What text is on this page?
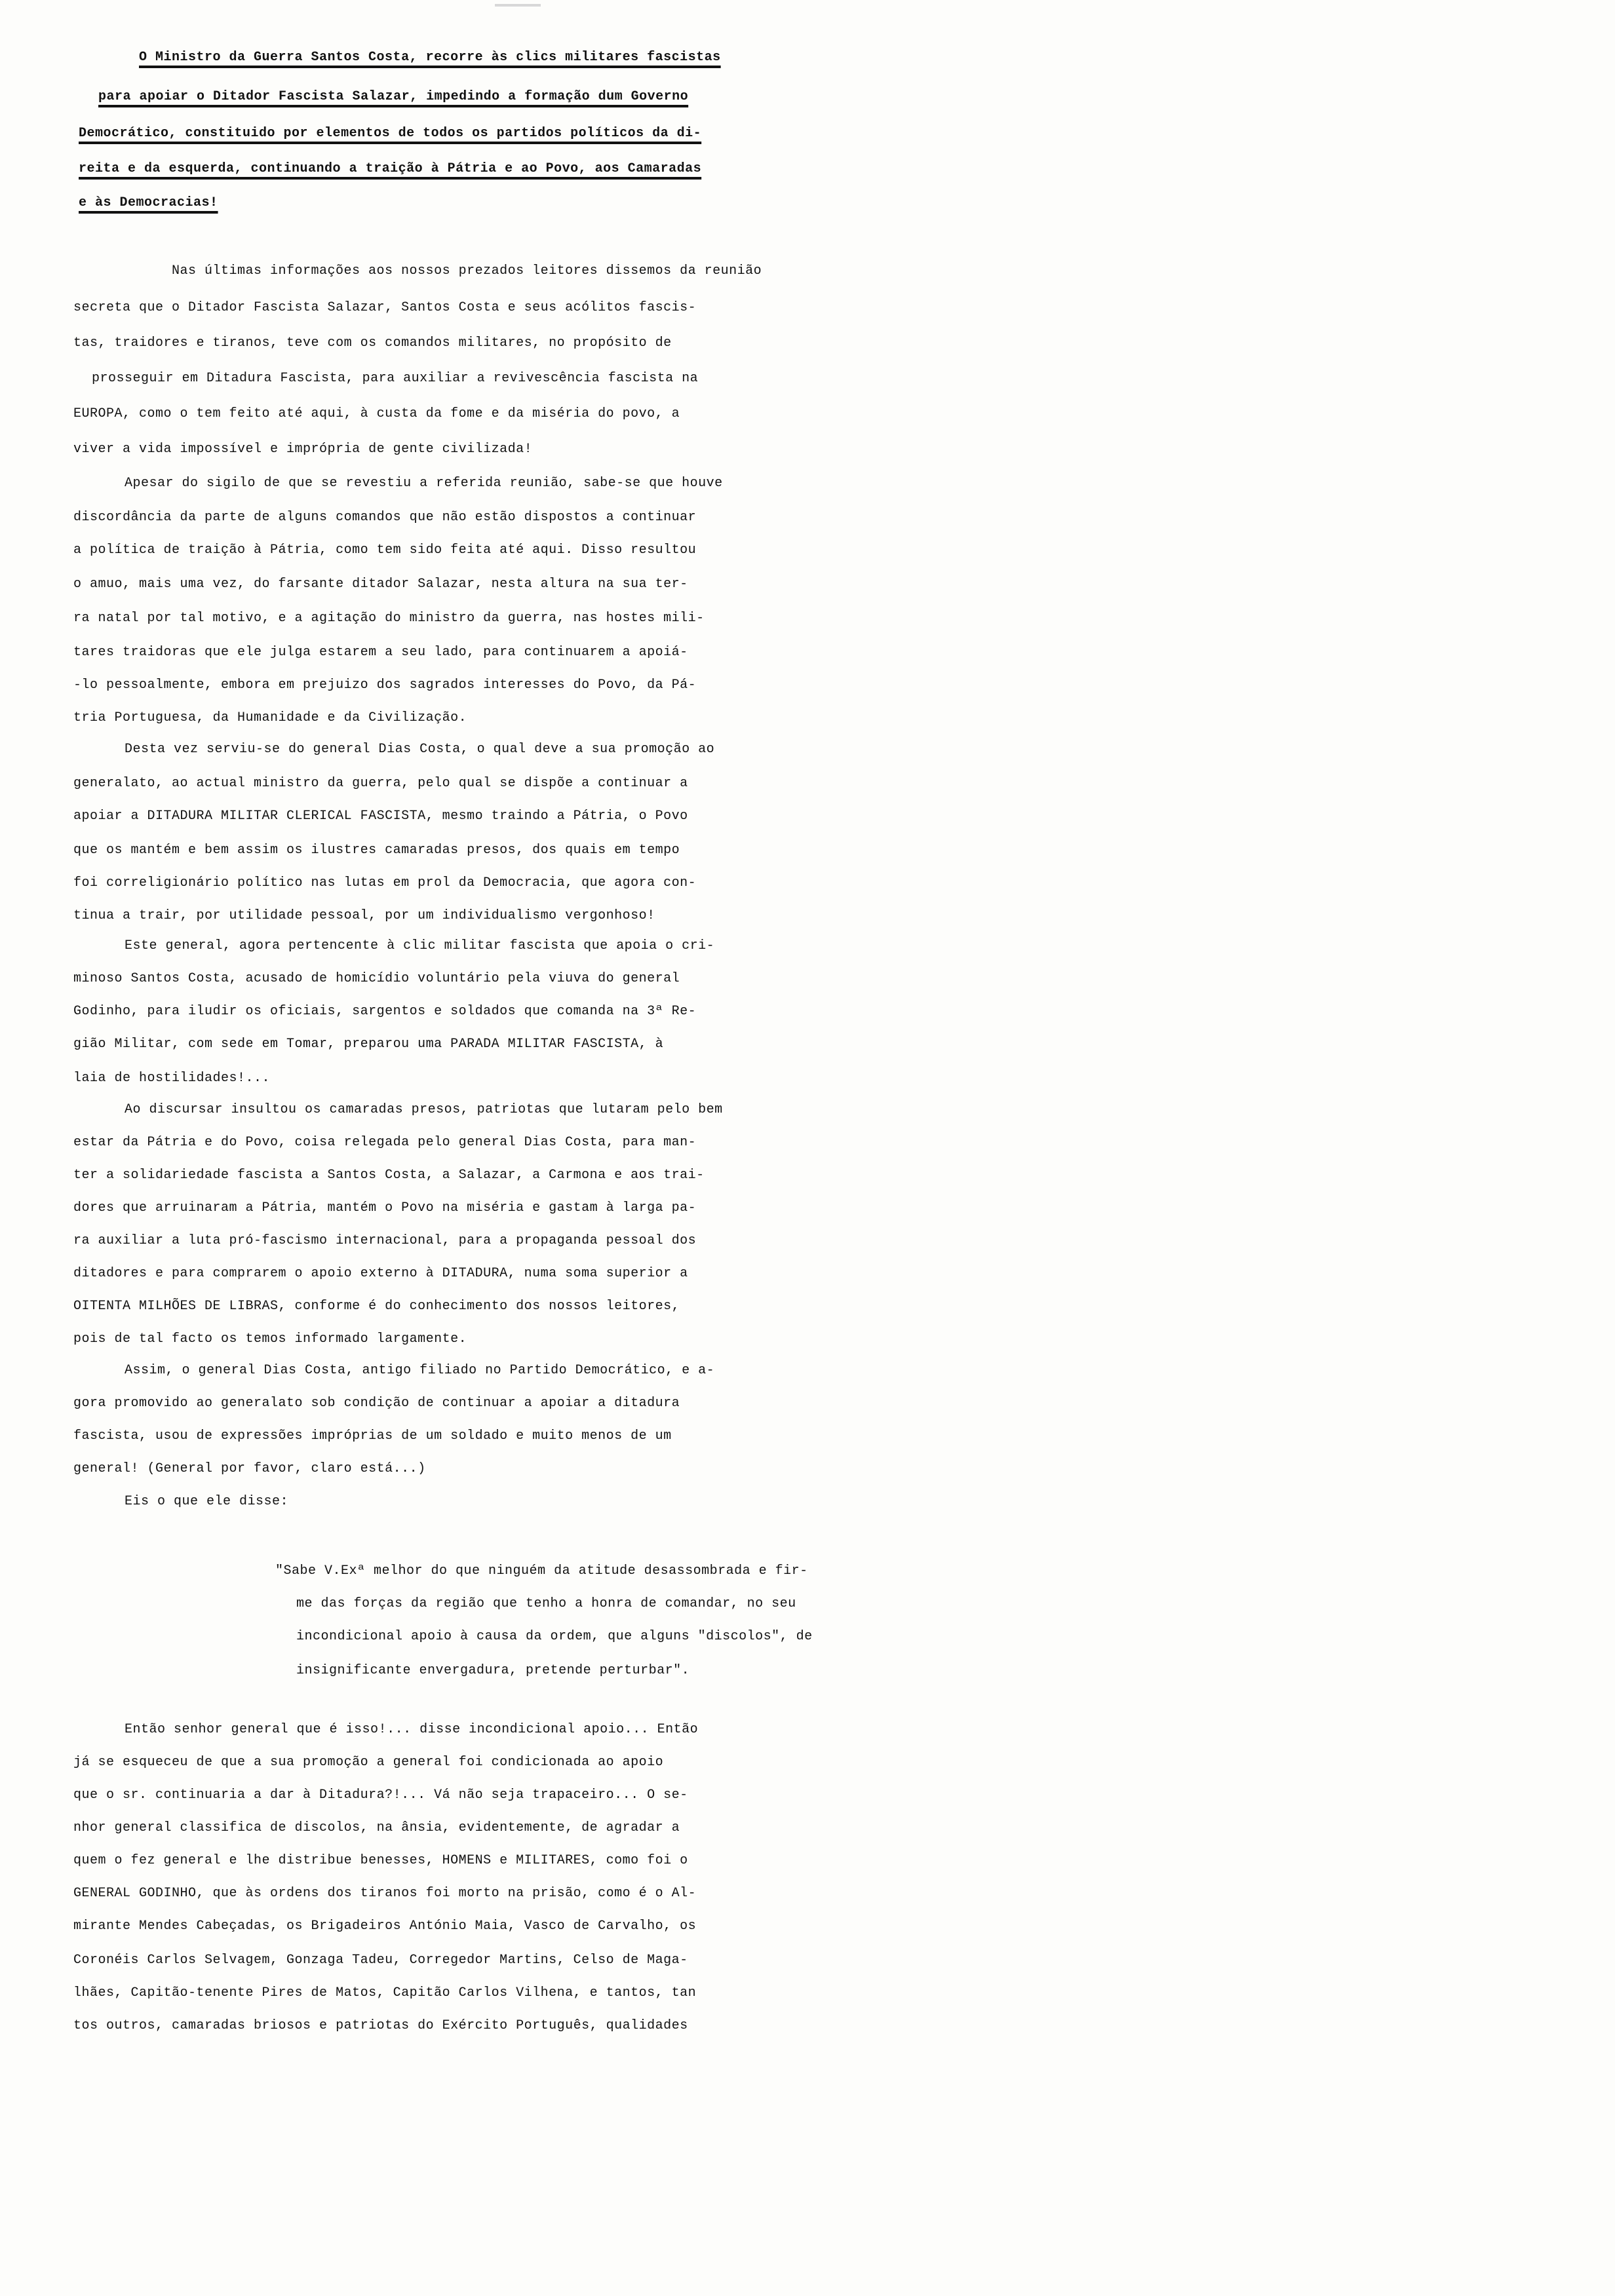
O Ministro da Guerra Santos Costa, recorre às clics militares fascistas
para apoiar o Ditador Fascista Salazar, impedindo a formação dum Governo
Democrático, constituido por elementos de todos os partidos políticos da di-
reita e da esquerda, continuando a traição à Pátria e ao Povo, aos Camaradas
e às Democracias!
Nas últimas informações aos nossos prezados leitores dissemos da reunião
secreta que o Ditador Fascista Salazar, Santos Costa e seus acólitos fascis-
tas, traidores e tiranos, teve com os comandos militares, no propósito de
prosseguir em Ditadura Fascista, para auxiliar a revivescência fascista na
EUROPA, como o tem feito até aqui, à custa da fome e da miséria do povo, a
viver a vida impossível e imprópria de gente civilizada!
Apesar do sigilo de que se revestiu a referida reunião, sabe-se que houve
discordância da parte de alguns comandos que não estão dispostos a continuar
a política de traição à Pátria, como tem sido feita até aqui. Disso resultou
o amuo, mais uma vez, do farsante ditador Salazar, nesta altura na sua ter-
ra natal por tal motivo, e a agitação do ministro da guerra, nas hostes mili-
tares traidoras que ele julga estarem a seu lado, para continuarem a apoiá-
-lo pessoalmente, embora em prejuizo dos sagrados interesses do Povo, da Pá-
tria Portuguesa, da Humanidade e da Civilização.
Desta vez serviu-se do general Dias Costa, o qual deve a sua promoção ao
generalato, ao actual ministro da guerra, pelo qual se dispõe a continuar a
apoiar a DITADURA MILITAR CLERICAL FASCISTA, mesmo traindo a Pátria, o Povo
que os mantém e bem assim os ilustres camaradas presos, dos quais em tempo
foi correligionário político nas lutas em prol da Democracia, que agora con-
tinua a trair, por utilidade pessoal, por um individualismo vergonhoso!
Este general, agora pertencente à clic militar fascista que apoia o cri-
minoso Santos Costa, acusado de homicídio voluntário pela viuva do general
Godinho, para iludir os oficiais, sargentos e soldados que comanda na 3ª Re-
gião Militar, com sede em Tomar, preparou uma PARADA MILITAR FASCISTA, à
laia de hostilidades!...
Ao discursar insultou os camaradas presos, patriotas que lutaram pelo bem
estar da Pátria e do Povo, coisa relegada pelo general Dias Costa, para man-
ter a solidariedade fascista a Santos Costa, a Salazar, a Carmona e aos trai-
dores que arruinaram a Pátria, mantém o Povo na miséria e gastam à larga pa-
ra auxiliar a luta pró-fascismo internacional, para a propaganda pessoal dos
ditadores e para comprarem o apoio externo à DITADURA, numa soma superior a
OITENTA MILHÕES DE LIBRAS, conforme é do conhecimento dos nossos leitores,
pois de tal facto os temos informado largamente.
Assim, o general Dias Costa, antigo filiado no Partido Democrático, e a-
gora promovido ao generalato sob condição de continuar a apoiar a ditadura
fascista, usou de expressões impróprias de um soldado e muito menos de um
general! (General por favor, claro está...)
Eis o que ele disse:
"Sabe V.Exª melhor do que ninguém da atitude desassombrada e fir-
me das forças da região que tenho a honra de comandar, no seu
incondicional apoio à causa da ordem, que alguns "discolos", de
insignificante envergadura, pretende perturbar".
Então senhor general que é isso!... disse incondicional apoio... Então
já se esqueceu de que a sua promoção a general foi condicionada ao apoio
que o sr. continuaria a dar à Ditadura?!... Vá não seja trapaceiro... O se-
nhor general classifica de discolos, na ânsia, evidentemente, de agradar a
quem o fez general e lhe distribue benesses, HOMENS e MILITARES, como foi o
GENERAL GODINHO, que às ordens dos tiranos foi morto na prisão, como é o Al-
mirante Mendes Cabeçadas, os Brigadeiros António Maia, Vasco de Carvalho, os
Coronéis Carlos Selvagem, Gonzaga Tadeu, Corregedor Martins, Celso de Maga-
lhães, Capitão-tenente Pires de Matos, Capitão Carlos Vilhena, e tantos, tan
tos outros, camaradas briosos e patriotas do Exército Português, qualidades
